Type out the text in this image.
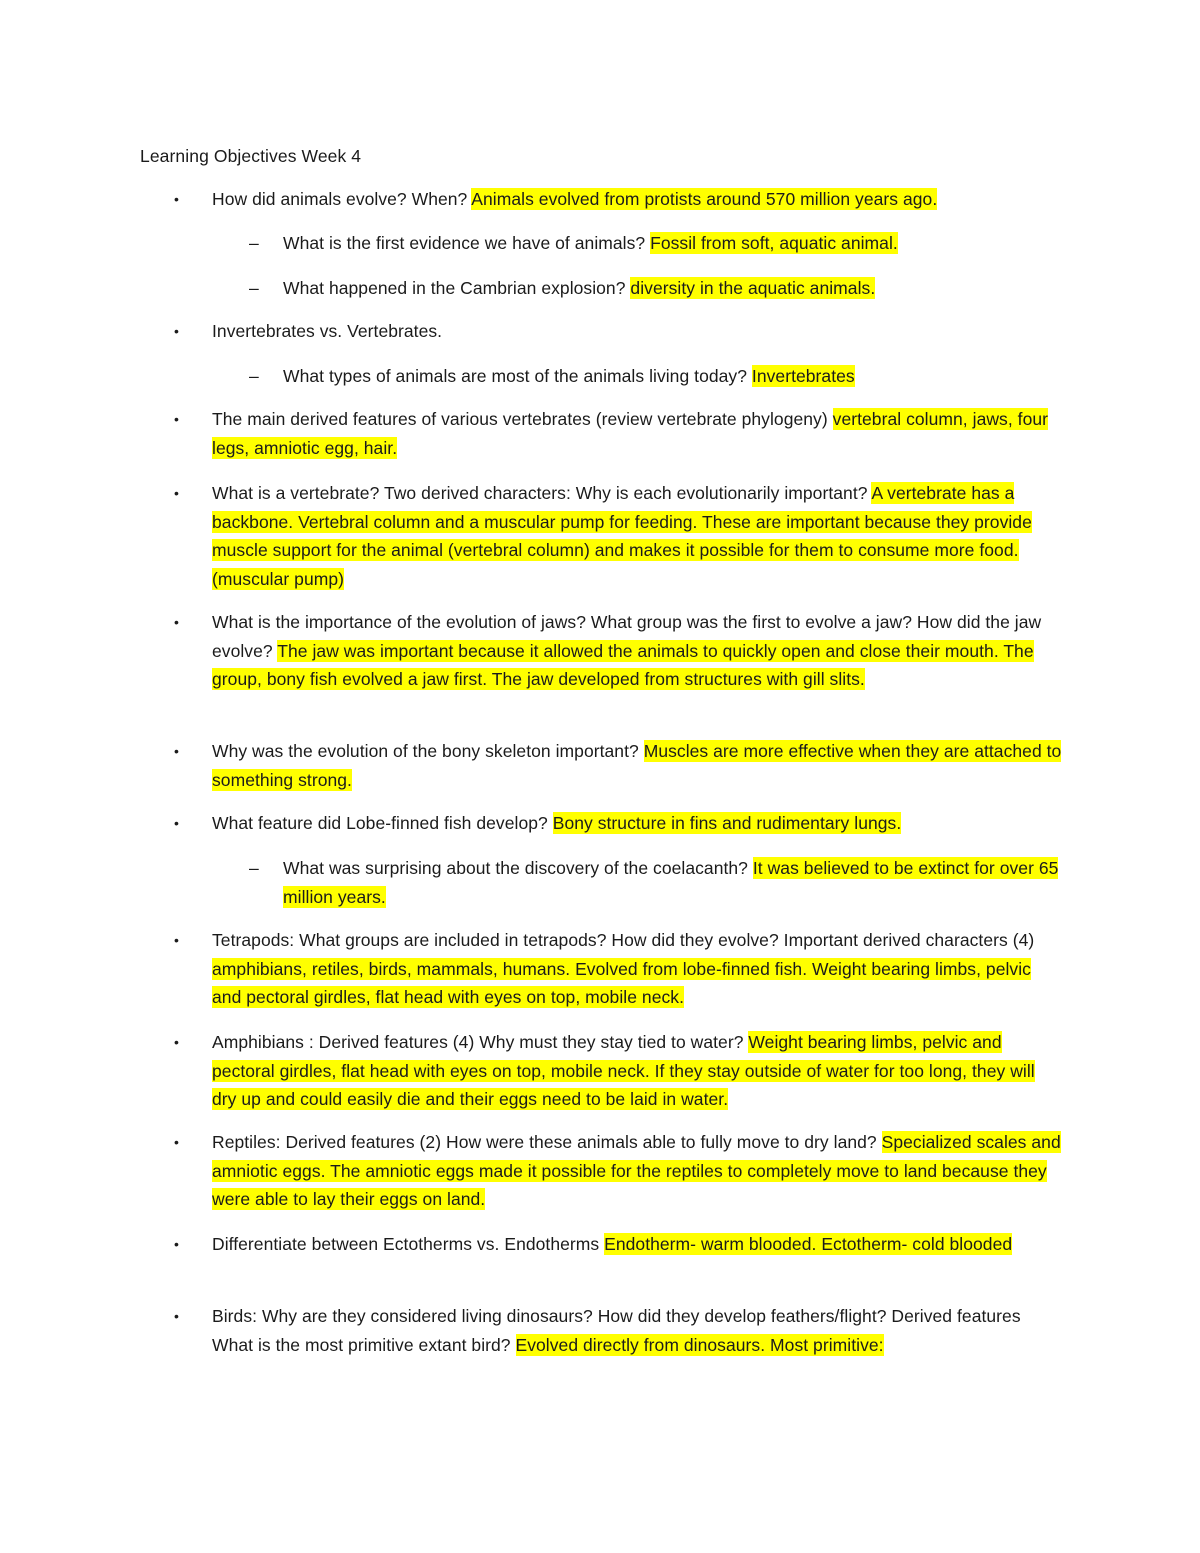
Learning Objectives Week 4
• How did animals evolve? When? Animals evolved from protists around 570 million years ago.
– What is the first evidence we have of animals? Fossil from soft, aquatic animal.
– What happened in the Cambrian explosion? diversity in the aquatic animals.
• Invertebrates vs. Vertebrates.
– What types of animals are most of the animals living today? Invertebrates
• The main derived features of various vertebrates (review vertebrate phylogeny) vertebral column, jaws, four legs, amniotic egg, hair.
• What is a vertebrate? Two derived characters: Why is each evolutionarily important? A vertebrate has a backbone. Vertebral column and a muscular pump for feeding. These are important because they provide muscle support for the animal (vertebral column) and makes it possible for them to consume more food. (muscular pump)
• What is the importance of the evolution of jaws? What group was the first to evolve a jaw? How did the jaw evolve? The jaw was important because it allowed the animals to quickly open and close their mouth. The group, bony fish evolved a jaw first. The jaw developed from structures with gill slits.
• Why was the evolution of the bony skeleton important? Muscles are more effective when they are attached to something strong.
• What feature did Lobe-finned fish develop? Bony structure in fins and rudimentary lungs.
– What was surprising about the discovery of the coelacanth? It was believed to be extinct for over 65 million years.
• Tetrapods: What groups are included in tetrapods? How did they evolve? Important derived characters (4) amphibians, retiles, birds, mammals, humans. Evolved from lobe-finned fish. Weight bearing limbs, pelvic and pectoral girdles, flat head with eyes on top, mobile neck.
• Amphibians : Derived features (4) Why must they stay tied to water? Weight bearing limbs, pelvic and pectoral girdles, flat head with eyes on top, mobile neck. If they stay outside of water for too long, they will dry up and could easily die and their eggs need to be laid in water.
• Reptiles: Derived features (2) How were these animals able to fully move to dry land? Specialized scales and amniotic eggs. The amniotic eggs made it possible for the reptiles to completely move to land because they were able to lay their eggs on land.
• Differentiate between Ectotherms vs. Endotherms Endotherm- warm blooded. Ectotherm- cold blooded
• Birds: Why are they considered living dinosaurs? How did they develop feathers/flight? Derived features What is the most primitive extant bird? Evolved directly from dinosaurs. Most primitive:
